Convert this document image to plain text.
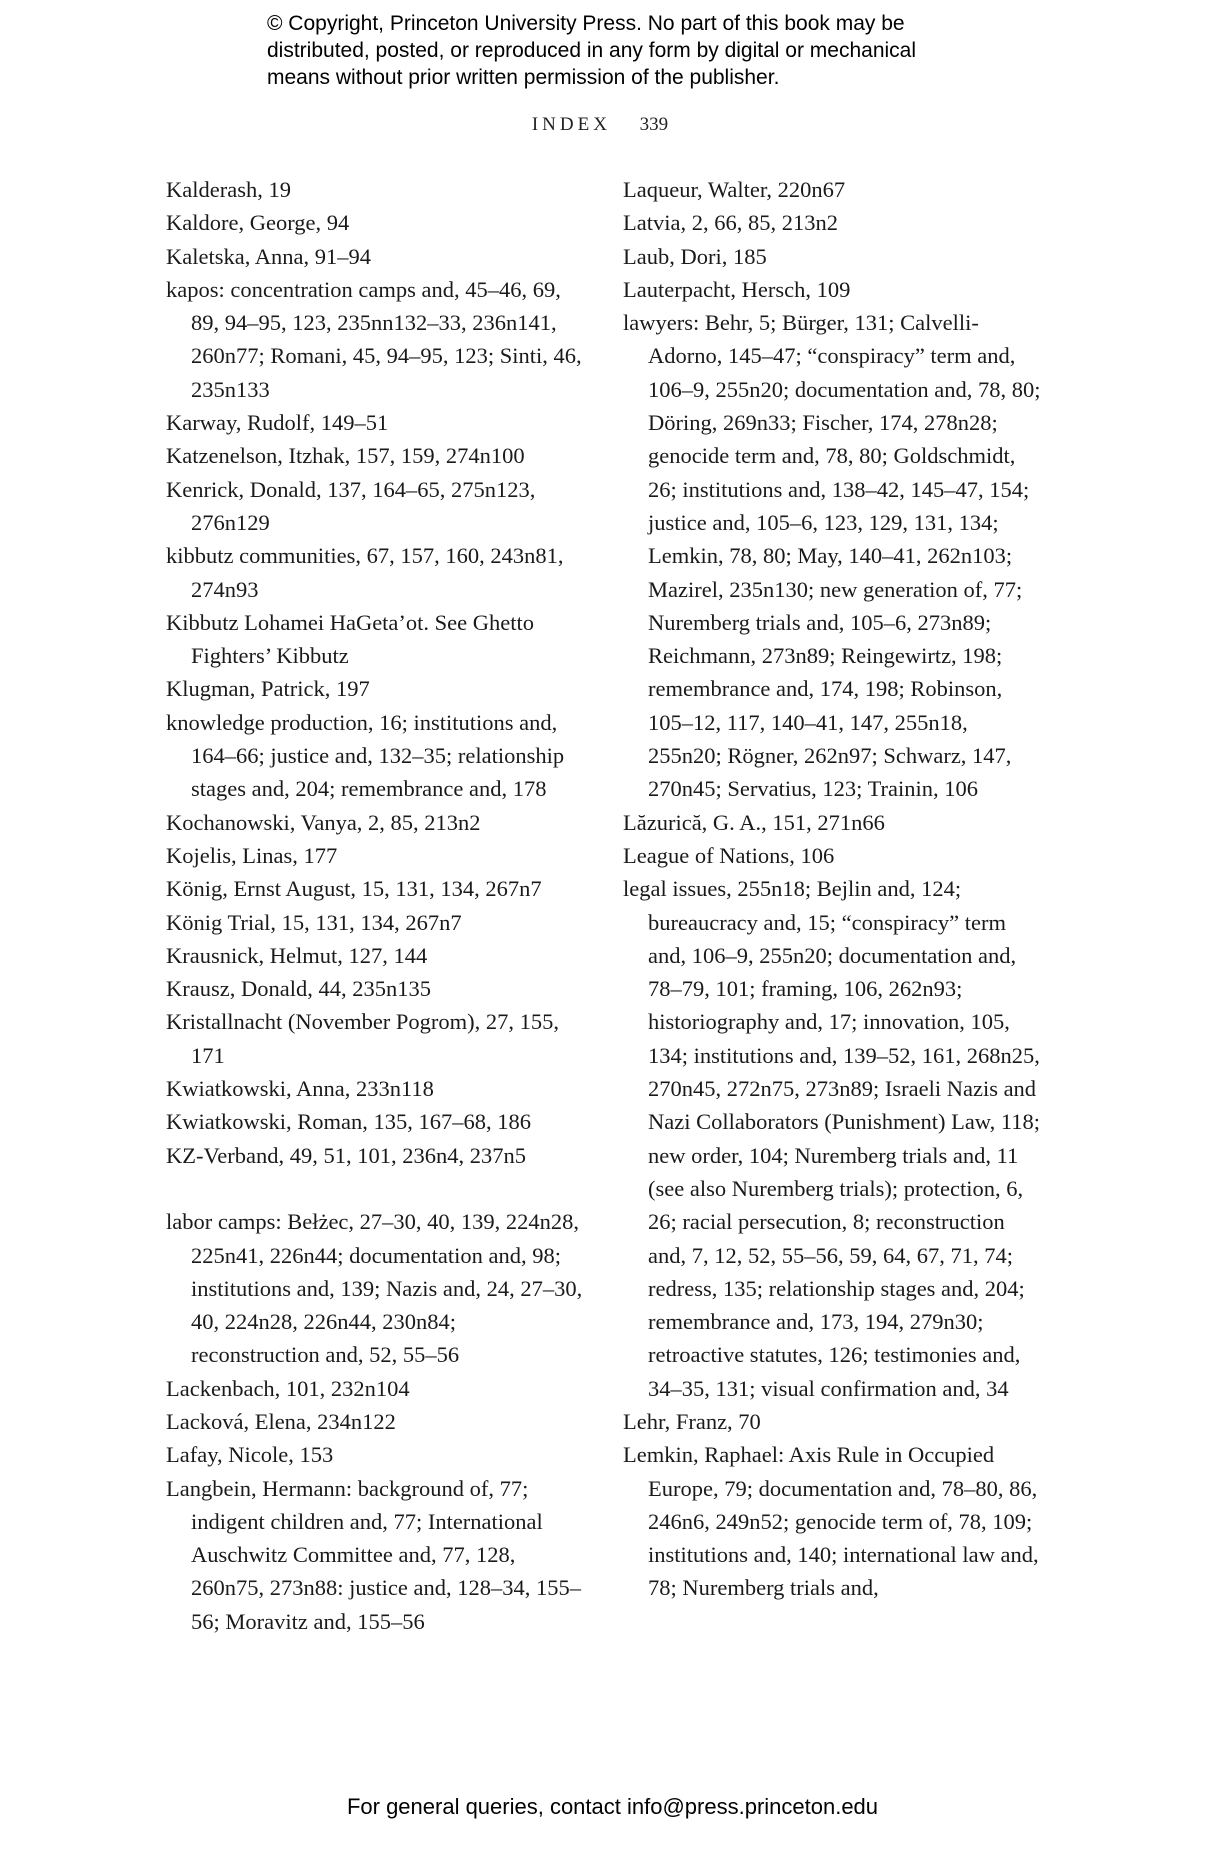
© Copyright, Princeton University Press. No part of this book may be
distributed, posted, or reproduced in any form by digital or mechanical
means without prior written permission of the publisher.
INDEX 339
Kalderash, 19
Kaldore, George, 94
Kaletska, Anna, 91–94
kapos: concentration camps and, 45–46, 69, 89, 94–95, 123, 235nn132–33, 236n141, 260n77; Romani, 45, 94–95, 123; Sinti, 46, 235n133
Karway, Rudolf, 149–51
Katzenelson, Itzhak, 157, 159, 274n100
Kenrick, Donald, 137, 164–65, 275n123, 276n129
kibbutz communities, 67, 157, 160, 243n81, 274n93
Kibbutz Lohamei HaGeta’ot. See Ghetto Fighters’ Kibbutz
Klugman, Patrick, 197
knowledge production, 16; institutions and, 164–66; justice and, 132–35; relationship stages and, 204; remembrance and, 178
Kochanowski, Vanya, 2, 85, 213n2
Kojelis, Linas, 177
König, Ernst August, 15, 131, 134, 267n7
König Trial, 15, 131, 134, 267n7
Krausnick, Helmut, 127, 144
Krausz, Donald, 44, 235n135
Kristallnacht (November Pogrom), 27, 155, 171
Kwiatkowski, Anna, 233n118
Kwiatkowski, Roman, 135, 167–68, 186
KZ-Verband, 49, 51, 101, 236n4, 237n5
labor camps: Bełżec, 27–30, 40, 139, 224n28, 225n41, 226n44; documentation and, 98; institutions and, 139; Nazis and, 24, 27–30, 40, 224n28, 226n44, 230n84; reconstruction and, 52, 55–56
Lackenbach, 101, 232n104
Lacková, Elena, 234n122
Lafay, Nicole, 153
Langbein, Hermann: background of, 77; indigent children and, 77; International Auschwitz Committee and, 77, 128, 260n75, 273n88: justice and, 128–34, 155–56; Moravitz and, 155–56
Laqueur, Walter, 220n67
Latvia, 2, 66, 85, 213n2
Laub, Dori, 185
Lauterpacht, Hersch, 109
lawyers: Behr, 5; Bürger, 131; Calvelli-Adorno, 145–47; “conspiracy” term and, 106–9, 255n20; documentation and, 78, 80; Döring, 269n33; Fischer, 174, 278n28; genocide term and, 78, 80; Goldschmidt, 26; institutions and, 138–42, 145–47, 154; justice and, 105–6, 123, 129, 131, 134; Lemkin, 78, 80; May, 140–41, 262n103; Mazirel, 235n130; new generation of, 77; Nuremberg trials and, 105–6, 273n89; Reichmann, 273n89; Reingewirtz, 198; remembrance and, 174, 198; Robinson, 105–12, 117, 140–41, 147, 255n18, 255n20; Rögner, 262n97; Schwarz, 147, 270n45; Servatius, 123; Trainin, 106
Lăzurică, G. A., 151, 271n66
League of Nations, 106
legal issues, 255n18; Bejlin and, 124; bureaucracy and, 15; “conspiracy” term and, 106–9, 255n20; documentation and, 78–79, 101; framing, 106, 262n93; historiography and, 17; innovation, 105, 134; institutions and, 139–52, 161, 268n25, 270n45, 272n75, 273n89; Israeli Nazis and Nazi Collaborators (Punishment) Law, 118; new order, 104; Nuremberg trials and, 11 (see also Nuremberg trials); protection, 6, 26; racial persecution, 8; reconstruction and, 7, 12, 52, 55–56, 59, 64, 67, 71, 74; redress, 135; relationship stages and, 204; remembrance and, 173, 194, 279n30; retroactive statutes, 126; testimonies and, 34–35, 131; visual confirmation and, 34
Lehr, Franz, 70
Lemkin, Raphael: Axis Rule in Occupied Europe, 79; documentation and, 78–80, 86, 246n6, 249n52; genocide term of, 78, 109; institutions and, 140; international law and, 78; Nuremberg trials and,
For general queries, contact info@press.princeton.edu
